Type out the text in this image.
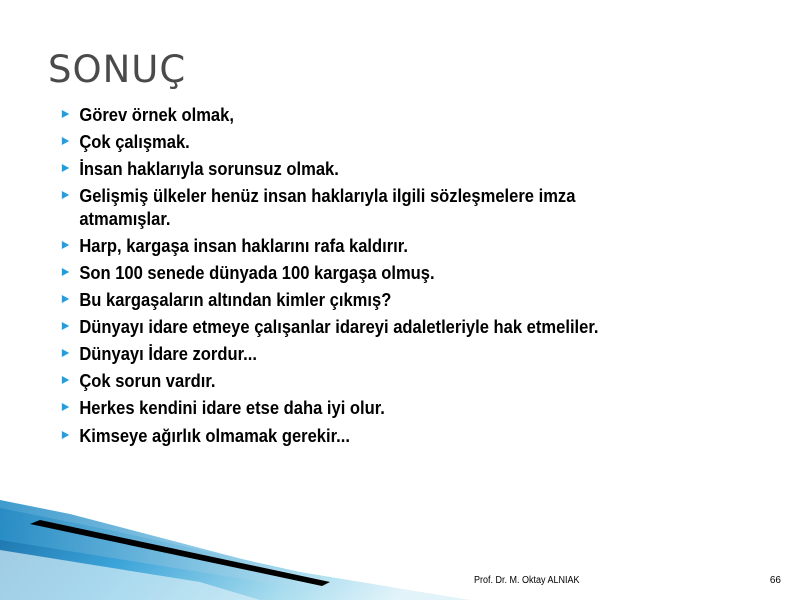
SONUÇ
Görev örnek olmak,
Çok çalışmak.
İnsan haklarıyla sorunsuz olmak.
Gelişmiş ülkeler henüz insan haklarıyla ilgili sözleşmelere imza atmamışlar.
Harp, kargaşa insan haklarını rafa kaldırır.
Son 100 senede dünyada 100 kargaşa olmuş.
Bu kargaşaların altından kimler çıkmış?
Dünyayı idare etmeye çalışanlar idareyi adaletleriyle hak etmeliler.
Dünyayı İdare zordur...
Çok sorun vardır.
Herkes kendini idare etse daha iyi olur.
Kimseye ağırlık olmamak gerekir...
Prof. Dr. M. Oktay ALNIAK	66
